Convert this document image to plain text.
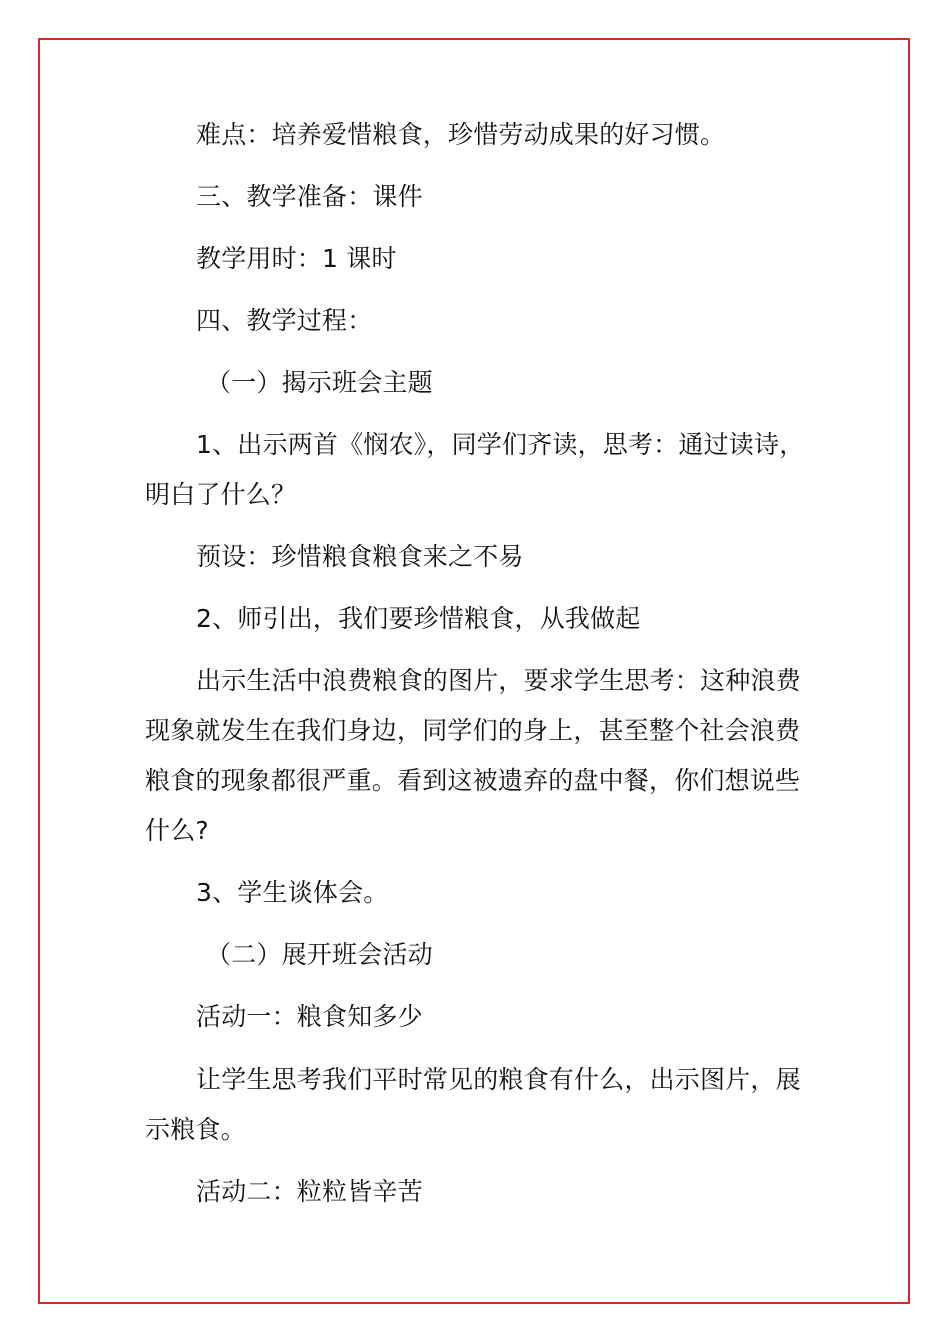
难点：培养爱惜粮食，珍惜劳动成果的好习惯。
三、教学准备：课件
教学用时：1 课时
四、教学过程：
（一）揭示班会主题
1、出示两首《悯农》，同学们齐读，思考：通过读诗，
明白了什么？
预设：珍惜粮食粮食来之不易
2、师引出，我们要珍惜粮食，从我做起
出示生活中浪费粮食的图片，要求学生思考：这种浪费
现象就发生在我们身边，同学们的身上，甚至整个社会浪费
粮食的现象都很严重。看到这被遗弃的盘中餐，你们想说些
什么?
3、学生谈体会。
（二）展开班会活动
活动一：粮食知多少
让学生思考我们平时常见的粮食有什么，出示图片，展
示粮食。
活动二：粒粒皆辛苦
